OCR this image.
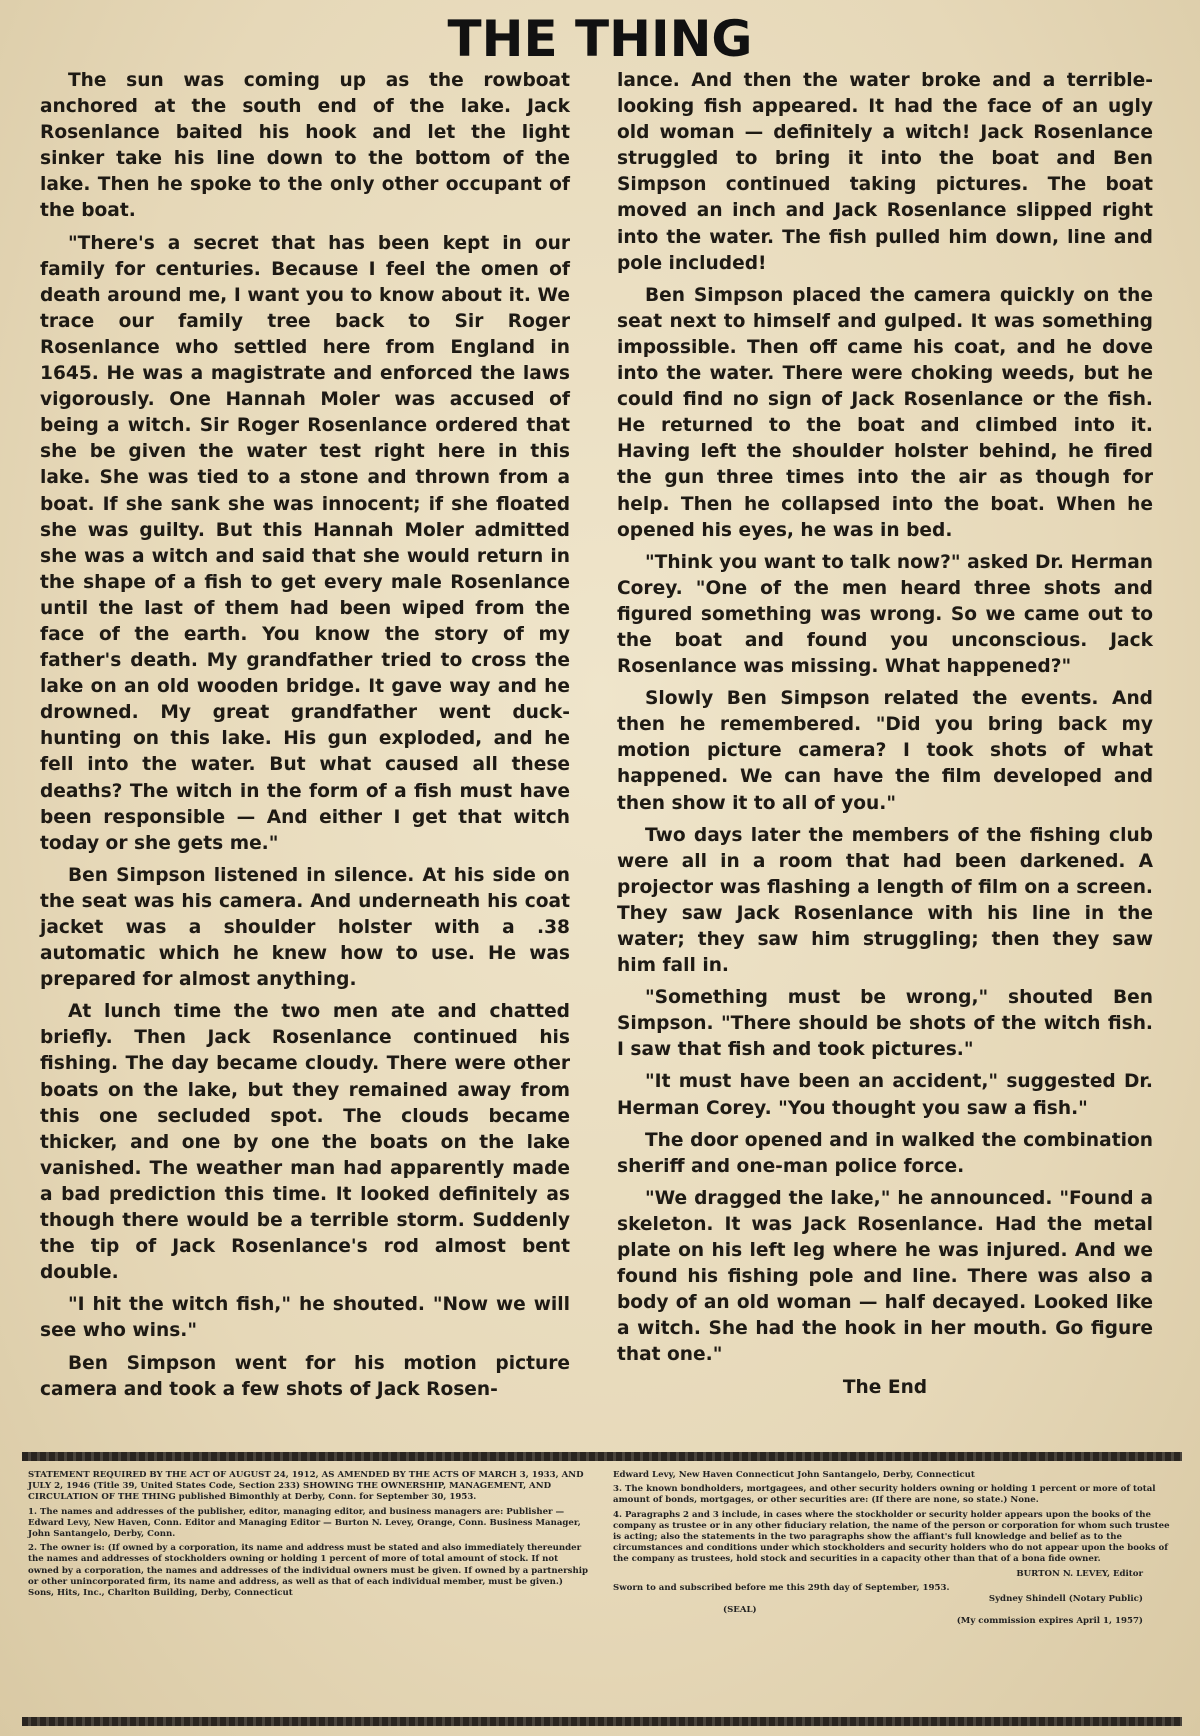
THE THING

The sun was coming up as the rowboat anchored at the south end of the lake. Jack Rosenlance baited his hook and let the light sinker take his line down to the bottom of the lake. Then he spoke to the only other occupant of the boat.

"There's a secret that has been kept in our family for centuries. Because I feel the omen of death around me, I want you to know about it. We trace our family tree back to Sir Roger Rosenlance who settled here from England in 1645. He was a magistrate and enforced the laws vigorously. One Hannah Moler was accused of being a witch. Sir Roger Rosenlance ordered that she be given the water test right here in this lake. She was tied to a stone and thrown from a boat. If she sank she was innocent; if she floated she was guilty. But this Hannah Moler admitted she was a witch and said that she would return in the shape of a fish to get every male Rosenlance until the last of them had been wiped from the face of the earth. You know the story of my father's death. My grandfather tried to cross the lake on an old wooden bridge. It gave way and he drowned. My great grandfather went duck-hunting on this lake. His gun exploded, and he fell into the water. But what caused all these deaths? The witch in the form of a fish must have been responsible — And either I get that witch today or she gets me."

Ben Simpson listened in silence. At his side on the seat was his camera. And underneath his coat jacket was a shoulder holster with a .38 automatic which he knew how to use. He was prepared for almost anything.

At lunch time the two men ate and chatted briefly. Then Jack Rosenlance continued his fishing. The day became cloudy. There were other boats on the lake, but they remained away from this one secluded spot. The clouds became thicker, and one by one the boats on the lake vanished. The weather man had apparently made a bad prediction this time. It looked definitely as though there would be a terrible storm. Suddenly the tip of Jack Rosenlance's rod almost bent double.

"I hit the witch fish," he shouted. "Now we will see who wins."

Ben Simpson went for his motion picture camera and took a few shots of Jack Rosen-

lance. And then the water broke and a terrible-looking fish appeared. It had the face of an ugly old woman — definitely a witch! Jack Rosenlance struggled to bring it into the boat and Ben Simpson continued taking pictures. The boat moved an inch and Jack Rosenlance slipped right into the water. The fish pulled him down, line and pole included!

Ben Simpson placed the camera quickly on the seat next to himself and gulped. It was something impossible. Then off came his coat, and he dove into the water. There were choking weeds, but he could find no sign of Jack Rosenlance or the fish. He returned to the boat and climbed into it. Having left the shoulder holster behind, he fired the gun three times into the air as though for help. Then he collapsed into the boat. When he opened his eyes, he was in bed.

"Think you want to talk now?" asked Dr. Herman Corey. "One of the men heard three shots and figured something was wrong. So we came out to the boat and found you unconscious. Jack Rosenlance was missing. What happened?"

Slowly Ben Simpson related the events. And then he remembered. "Did you bring back my motion picture camera? I took shots of what happened. We can have the film developed and then show it to all of you."

Two days later the members of the fishing club were all in a room that had been darkened. A projector was flashing a length of film on a screen. They saw Jack Rosenlance with his line in the water; they saw him struggling; then they saw him fall in.

"Something must be wrong," shouted Ben Simpson. "There should be shots of the witch fish. I saw that fish and took pictures."

"It must have been an accident," suggested Dr. Herman Corey. "You thought you saw a fish."

The door opened and in walked the combination sheriff and one-man police force.

"We dragged the lake," he announced. "Found a skeleton. It was Jack Rosenlance. Had the metal plate on his left leg where he was injured. And we found his fishing pole and line. There was also a body of an old woman — half decayed. Looked like a witch. She had the hook in her mouth. Go figure that one."

The End

STATEMENT REQUIRED BY THE ACT OF AUGUST 24, 1912, AS AMENDED BY THE ACTS OF MARCH 3, 1933, AND JULY 2, 1946 (Title 39, United States Code, Section 233) SHOWING THE OWNERSHIP, MANAGEMENT, AND CIRCULATION OF THE THING published Bimonthly at Derby, Conn. for September 30, 1953.

1. The names and addresses of the publisher, editor, managing editor, and business managers are: Publisher — Edward Levy, New Haven, Conn. Editor and Managing Editor — Burton N. Levey, Orange, Conn. Business Manager, John Santangelo, Derby, Conn.

2. The owner is: (If owned by a corporation, its name and address must be stated and also immediately thereunder the names and addresses of stockholders owning or holding 1 percent of more of total amount of stock. If not owned by a corporation, the names and addresses of the individual owners must be given. If owned by a partnership or other unincorporated firm, its name and address, as well as that of each individual member, must be given.) Sons, Hits, Inc., Charlton Building, Derby, Connecticut

Edward Levy, New Haven Connecticut John Santangelo, Derby, Connecticut

3. The known bondholders, mortgagees, and other security holders owning or holding 1 percent or more of total amount of bonds, mortgages, or other securities are: (If there are none, so state.) None.

4. Paragraphs 2 and 3 include, in cases where the stockholder or security holder appears upon the books of the company as trustee or in any other fiduciary relation, the name of the person or corporation for whom such trustee is acting; also the statements in the two paragraphs show the affiant's full knowledge and belief as to the circumstances and conditions under which stockholders and security holders who do not appear upon the books of the company as trustees, hold stock and securities in a capacity other than that of a bona fide owner.

BURTON N. LEVEY, Editor

Sworn to and subscribed before me this 29th day of September, 1953.

Sydney Shindell (Notary Public)

(SEAL)

(My commission expires April 1, 1957)
